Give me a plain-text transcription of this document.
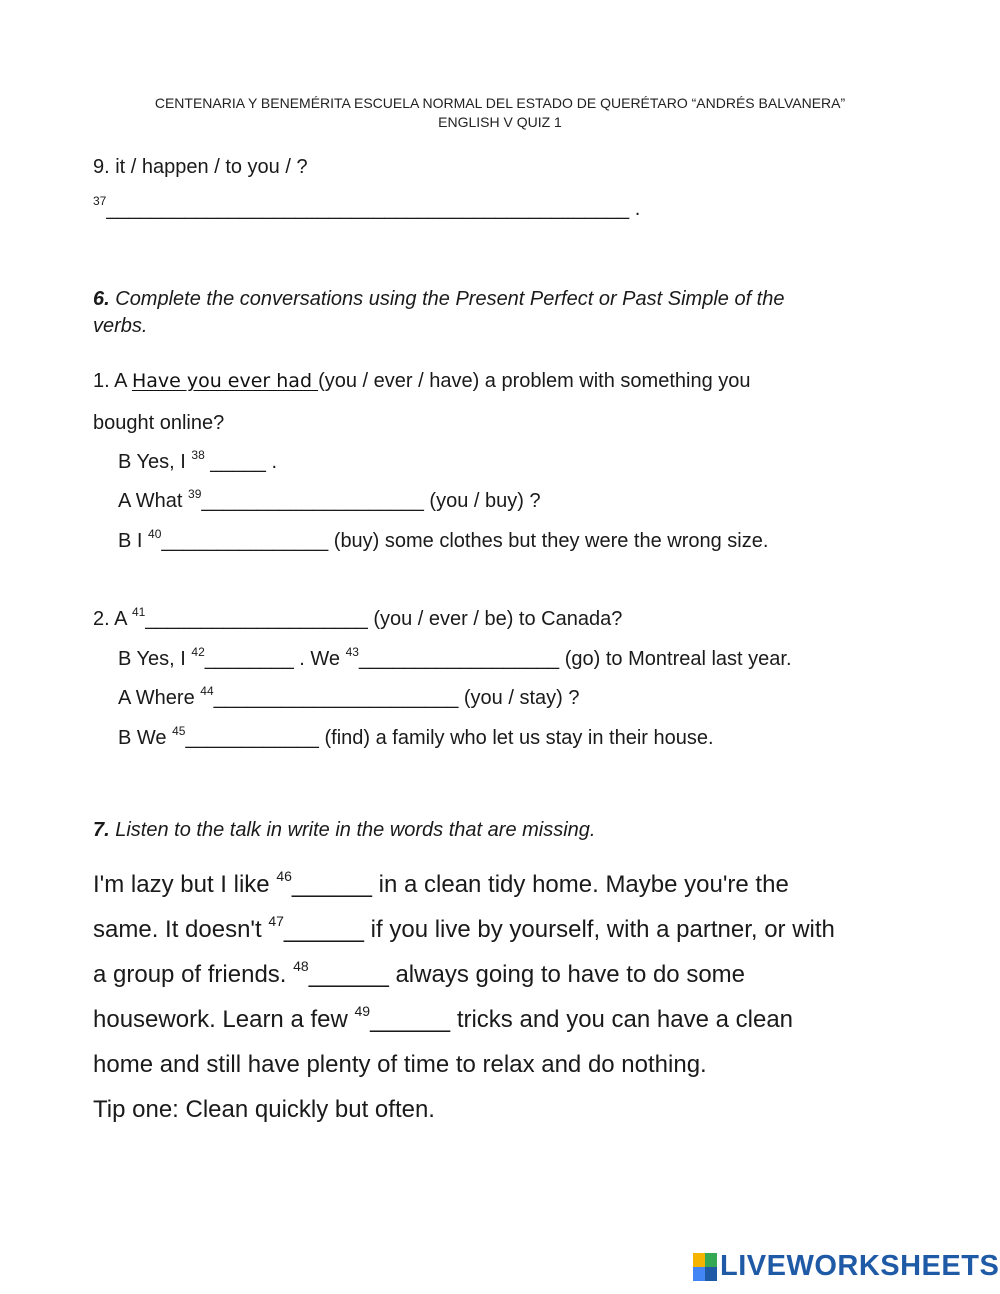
CENTENARIA Y BENEMÉRITA ESCUELA NORMAL DEL ESTADO DE QUERÉTARO “ANDRÉS BALVANERA”
ENGLISH V QUIZ 1
9. it / happen / to you / ?
$^{37}$_______________________________________________ .
6. Complete the conversations using the Present Perfect or Past Simple of the
verbs.
1. A Have you ever had (you / ever / have) a problem with something you
bought online?
B Yes, I $^{38}$ _____ .
A What $^{39}$____________________ (you / buy) ?
B I $^{40}$_______________ (buy) some clothes but they were the wrong size.
2. A $^{41}$____________________ (you / ever / be) to Canada?
B Yes, I $^{42}$________ . We $^{43}$__________________ (go) to Montreal last year.
A Where $^{44}$______________________ (you / stay) ?
B We $^{45}$____________ (find) a family who let us stay in their house.
7. Listen to the talk in write in the words that are missing.
I'm lazy but I like $^{46}$______ in a clean tidy home. Maybe you're the
same. It doesn't $^{47}$______ if you live by yourself, with a partner, or with
a group of friends. $^{48}$______ always going to have to do some
housework. Learn a few $^{49}$______ tricks and you can have a clean
home and still have plenty of time to relax and do nothing.
Tip one: Clean quickly but often.
LIVEWORKSHEETS
